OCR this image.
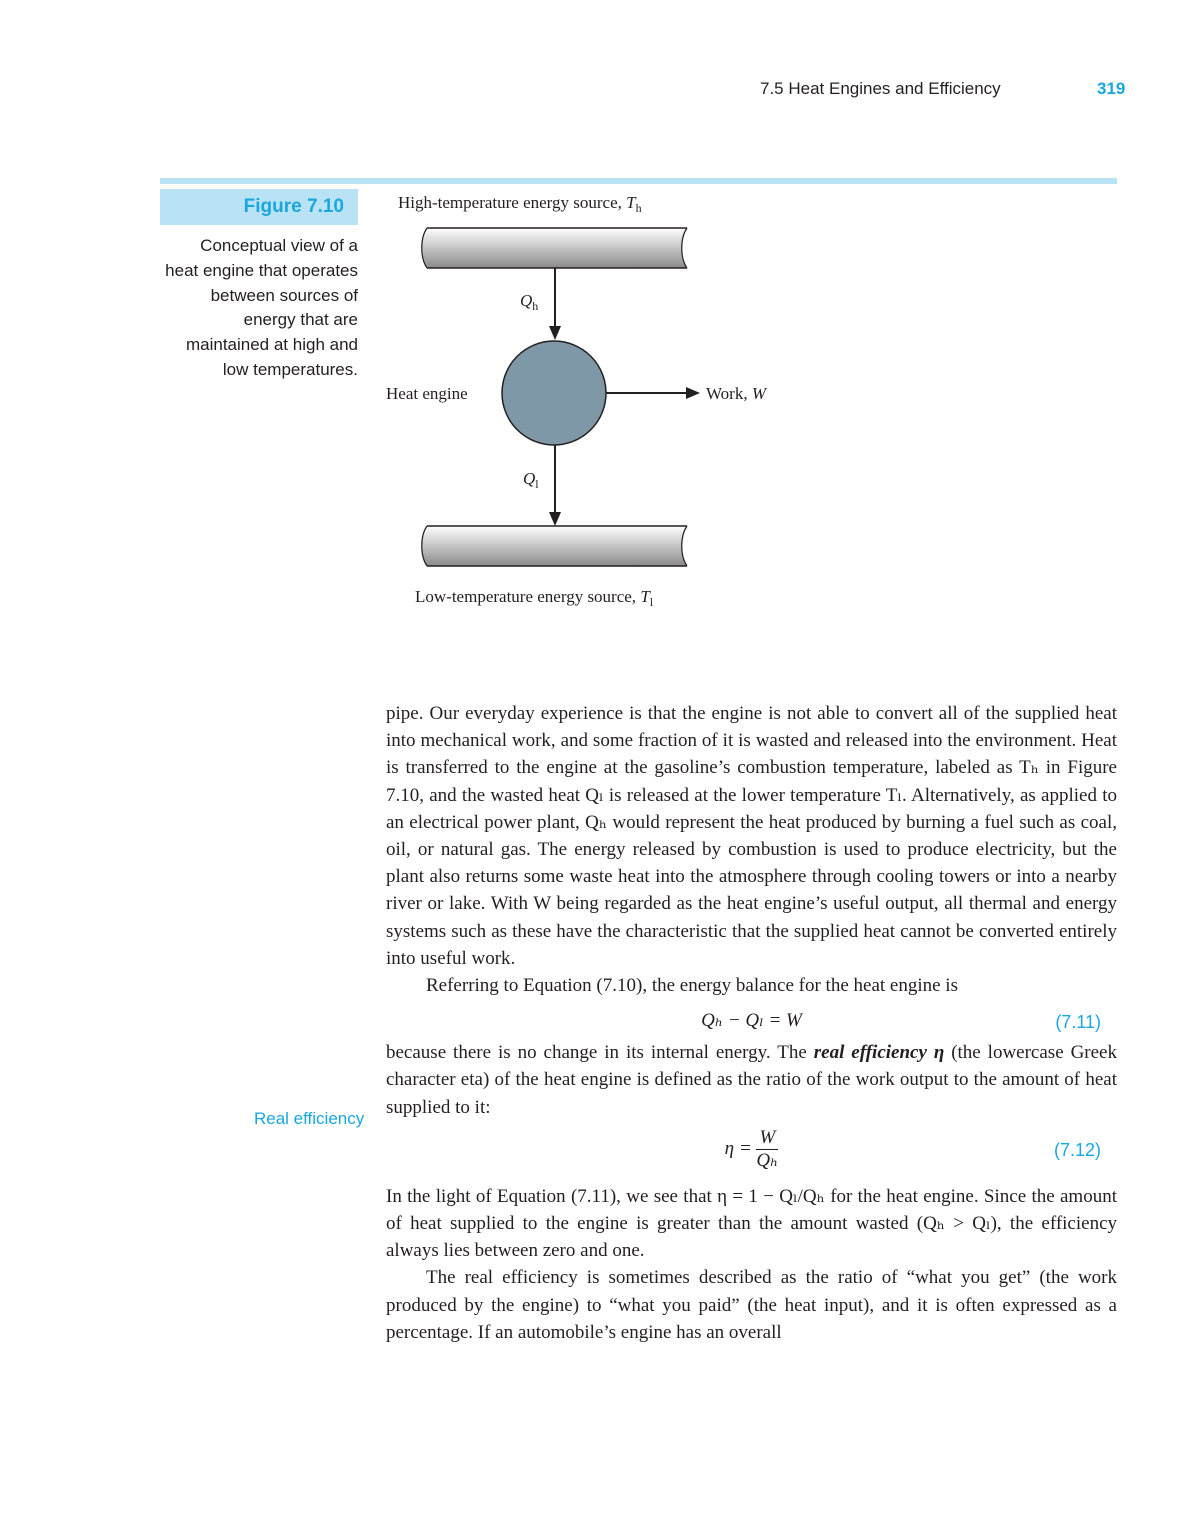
7.5 Heat Engines and Efficiency	319
Figure 7.10
Conceptual view of a heat engine that operates between sources of energy that are maintained at high and low temperatures.
High-temperature energy source, $T_h$
$Q_h$
Heat engine	Work, W
$Q_l$
Low-temperature energy source, $T_l$
Real efficiency

pipe. Our everyday experience is that the engine is not able to convert all of the supplied heat into mechanical work, and some fraction of it is wasted and released into the environment. Heat is transferred to the engine at the gasoline’s combustion temperature, labeled as Tₕ in Figure 7.10, and the wasted heat Qₗ is released at the lower temperature Tₗ. Alternatively, as applied to an electrical power plant, Qₕ would represent the heat produced by burning a fuel such as coal, oil, or natural gas. The energy released by combustion is used to produce electricity, but the plant also returns some waste heat into the atmosphere through cooling towers or into a nearby river or lake. With W being regarded as the heat engine’s useful output, all thermal and energy systems such as these have the characteristic that the supplied heat cannot be converted entirely into useful work.

Referring to Equation (7.10), the energy balance for the heat engine is

Qₕ − Qₗ = W	(7.11)

because there is no change in its internal energy. The real efficiency η (the lowercase Greek character eta) of the heat engine is defined as the ratio of the work output to the amount of heat supplied to it:

$\eta = \frac{W}{\text{Qₕ}}$	(7.12)

In the light of Equation (7.11), we see that η = 1 − Qₗ/Qₕ for the heat engine. Since the amount of heat supplied to the engine is greater than the amount wasted (Qₕ > Qₗ), the efficiency always lies between zero and one.

The real efficiency is sometimes described as the ratio of “what you get” (the work produced by the engine) to “what you paid” (the heat input), and it is often expressed as a percentage. If an automobile’s engine has an overall
